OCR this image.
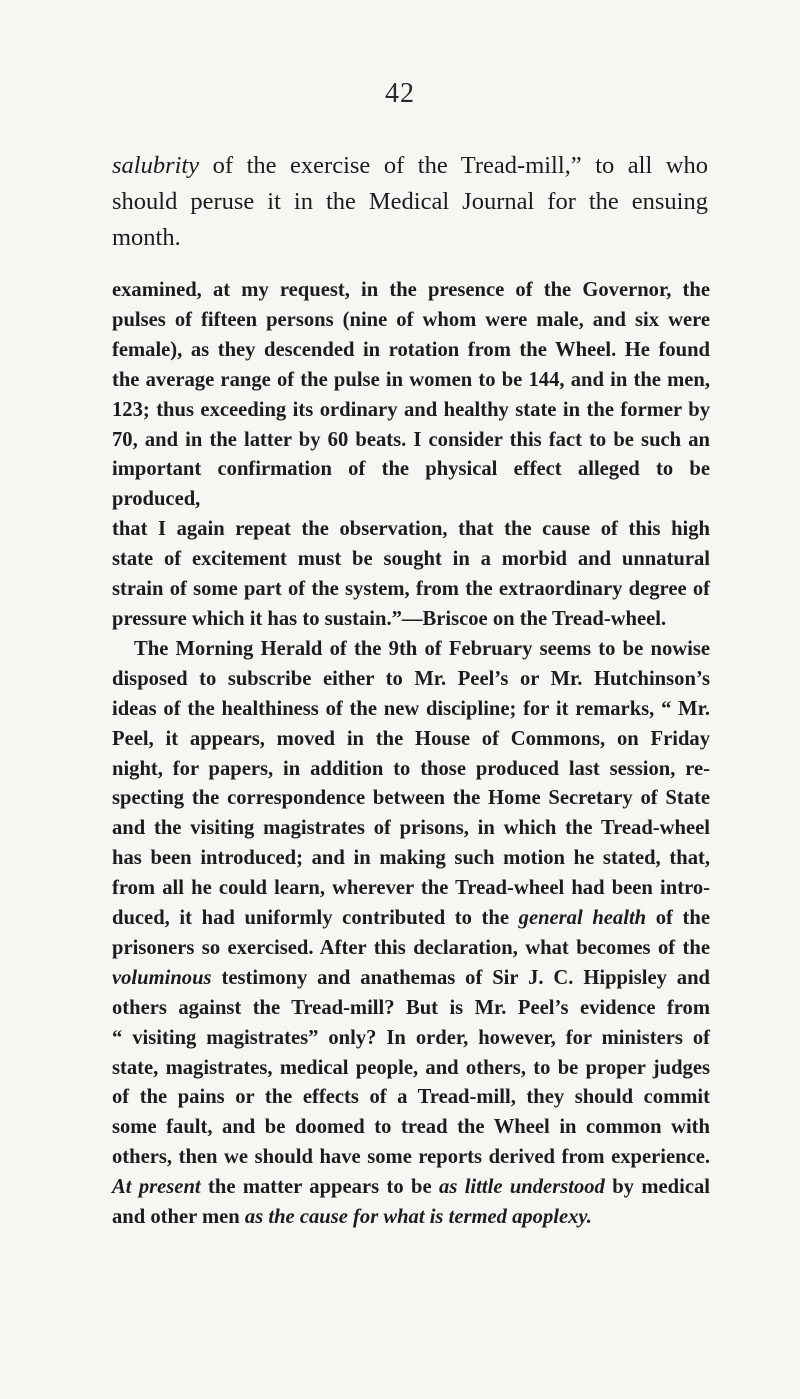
42

salubrity of the exercise of the Tread-mill,” to all who
should peruse it in the Medical Journal for the ensuing
month.

examined, at my request, in the presence of the Governor, the
pulses of fifteen persons (nine of whom were male, and six were
female), as they descended in rotation from the Wheel. He found
the average range of the pulse in women to be 144, and in the men,
123; thus exceeding its ordinary and healthy state in the former by
70, and in the latter by 60 beats. I consider this fact to be such an
important confirmation of the physical effect alleged to be produced,
that I again repeat the observation, that the cause of this high
state of excitement must be sought in a morbid and unnatural
strain of some part of the system, from the extraordinary degree of
pressure which it has to sustain.”—Briscoe on the Tread-wheel.
The Morning Herald of the 9th of February seems to be nowise
disposed to subscribe either to Mr. Peel’s or Mr. Hutchinson’s
ideas of the healthiness of the new discipline; for it remarks, “ Mr.
Peel, it appears, moved in the House of Commons, on Friday
night, for papers, in addition to those produced last session, re-
specting the correspondence between the Home Secretary of State
and the visiting magistrates of prisons, in which the Tread-wheel
has been introduced; and in making such motion he stated, that,
from all he could learn, wherever the Tread-wheel had been intro-
duced, it had uniformly contributed to the general health of the
prisoners so exercised. After this declaration, what becomes of the
voluminous testimony and anathemas of Sir J. C. Hippisley and
others against the Tread-mill? But is Mr. Peel’s evidence from
“ visiting magistrates” only? In order, however, for ministers of
state, magistrates, medical people, and others, to be proper judges
of the pains or the effects of a Tread-mill, they should commit
some fault, and be doomed to tread the Wheel in common with
others, then we should have some reports derived from experience.
At present the matter appears to be as little understood by medical
and other men as the cause for what is termed apoplexy.
